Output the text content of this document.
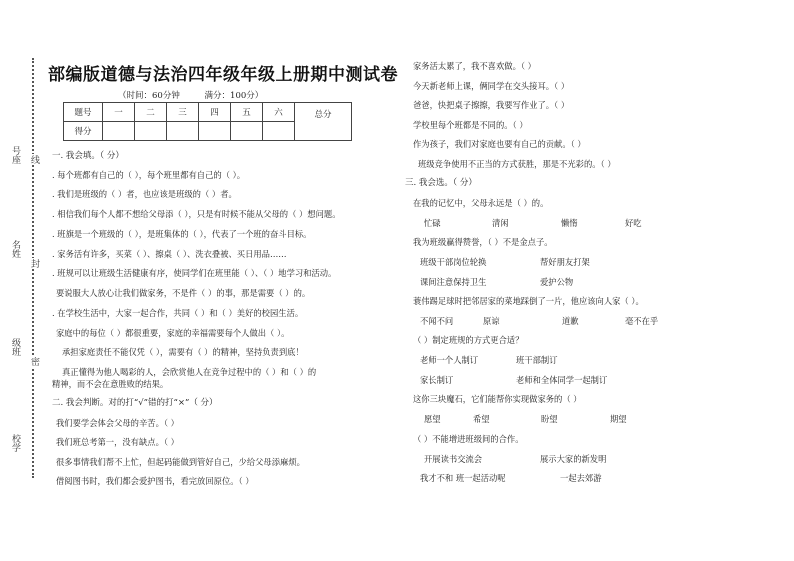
号座
名姓
级班
校学
线
封
密
部编版道德与法治四年级年级上册期中测试卷
（时间：60分钟	满分：100分）
题号	一	二	三	四	五	六	总分

得分							
一. 我会填。（ 分）
. 每个班都有自己的（ ），每个班里都有自己的（ ）。
. 我们是班级的（ ）者，也应该是班级的（ ）者。
. 相信我们每个人都不想给父母添（ ），只是有时候不能从父母的（ ）想问题。
. 班旗是一个班级的（ ），是班集体的（ ），代表了一个班的奋斗目标。
. 家务活有许多，买菜（ ）、擦桌（ ）、洗衣叠被、买日用品……
. 班规可以让班级生活健康有序，使同学们在班里能（ ）、（ ）地学习和活动。
要说服大人放心让我们做家务，不是件（ ）的事，那是需要（ ）的。
. 在学校生活中，大家一起合作，共同（ ）和（ ）美好的校园生活。
家庭中的每位（ ）都很重要，家庭的幸福需要每个人做出（ ）。
承担家庭责任不能仅凭（ ），需要有（ ）的精神，坚持负责到底！
真正懂得为他人喝彩的人，会欣赏他人在竞争过程中的（ ）和（ ）的
精神，而不会在意胜败的结果。
二. 我会判断。对的打“√”错的打“×”（ 分）
我们要学会体会父母的辛苦。（ ）
我们班总考第一，没有缺点。（ ）
很多事情我们帮不上忙，但起码能做到管好自己，少给父母添麻烦。
借阅图书时，我们都会爱护图书，看完放回原位。（ ）
家务活太累了，我不喜欢做。（ ）
今天新老师上课，俩同学在交头接耳。（ ）
爸爸，快把桌子擦擦，我要写作业了。（ ）
学校里每个班都是不同的。（ ）
作为孩子，我们对家庭也要有自己的贡献。（ ）
班级竞争使用不正当的方式获胜，那是不光彩的。（ ）
三. 我会选。（ 分）
在我的记忆中，父母永远是（ ）的。
忙碌	清闲	懒惰	好吃
我为班级赢得赞誉，（ ）不是金点子。
班级干部岗位轮换	帮好朋友打架
课间注意保持卫生	爱护公物
蓑伟踢足球时把邻居家的菜地踩倒了一片，他应该向人家（ ）。
不闻不问	原谅	道歉	毫不在乎
（ ）制定班规的方式更合适？
老师一个人制订	班干部制订
家长制订	老师和全体同学一起制订
这你三块魔石，它们能帮你实现做家务的（ ）
愿望	希望	盼望	期望
（ ）不能增进班级间的合作。
开展读书交流会	展示大家的新发明
我才不和 班一起活动呢	一起去郊游
